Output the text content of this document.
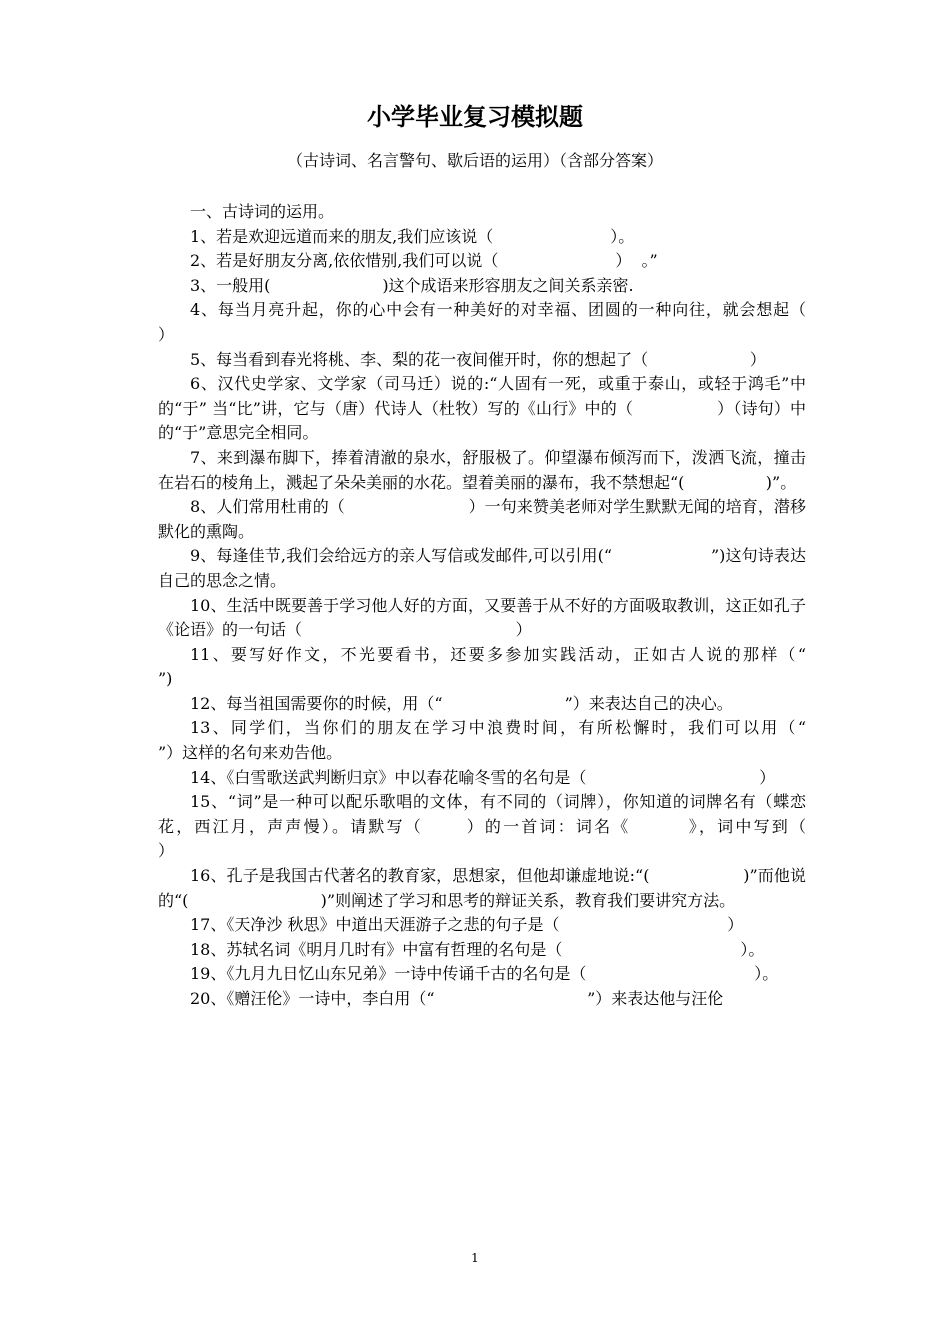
小学毕业复习模拟题
（古诗词、名言警句、歇后语的运用）（含部分答案）

一、古诗词的运用。

1、若是欢迎远道而来的朋友,我们应该说（                       ）。

2、若是好朋友分离,依依惜别,我们可以说（                       ）  。”

3、一般用(                      )这个成语来形容朋友之间关系亲密.

4、每当月亮升起，你的心中会有一种美好的对幸福、团圆的一种向往，就会想起（      ）

5、每当看到春光将桃、李、梨的花一夜间催开时，你的想起了（                    ）

6、汉代史学家、文学家（司马迁）说的:“人固有一死，或重于泰山，或轻于鸿毛”中的“于” 当“比”讲，它与（唐）代诗人（杜牧）写的《山行》中的（                ）（诗句）中的“于”意思完全相同。

7、来到瀑布脚下，捧着清澈的泉水，舒服极了。仰望瀑布倾泻而下，泼洒飞流，撞击在岩石的棱角上，溅起了朵朵美丽的水花。望着美丽的瀑布，我不禁想起“(                )”。

8、人们常用杜甫的（                        ）一句来赞美老师对学生默默无闻的培育，潜移默化的熏陶。

9、每逢佳节,我们会给远方的亲人写信或发邮件,可以引用(“                   ”)这句诗表达自己的思念之情。

10、生活中既要善于学习他人好的方面，又要善于从不好的方面吸取教训，这正如孔子《论语》的一句话（                                          ）

11、要写好作文，不光要看书，还要多参加实践活动，正如古人说的那样（“                ”)

12、每当祖国需要你的时候，用（“                        ”）来表达自己的决心。

13、同学们，当你们的朋友在学习中浪费时间，有所松懈时，我们可以用（“             ”）这样的名句来劝告他。

14、《白雪歌送武判断归京》中以春花喻冬雪的名句是（                                  ）

15、“词”是一种可以配乐歌唱的文体，有不同的（词牌），你知道的词牌名有（蝶恋花，西江月，声声慢）。请默写（      ）的一首词：词名《        》，词中写到（                  ）

16、孔子是我国古代著名的教育家，思想家，但他却谦虚地说:“(                  )”而他说的“(                          )”则阐述了学习和思考的辩证关系，教育我们要讲究方法。

17、《天净沙 秋思》中道出天涯游子之悲的句子是（                                 ）

18、苏轼名词《明月几时有》中富有哲理的名句是（                                   ）。

19、《九月九日忆山东兄弟》一诗中传诵千古的名句是（                                 ）。

20、《赠汪伦》一诗中，李白用（“                              ”）来表达他与汪伦

1
